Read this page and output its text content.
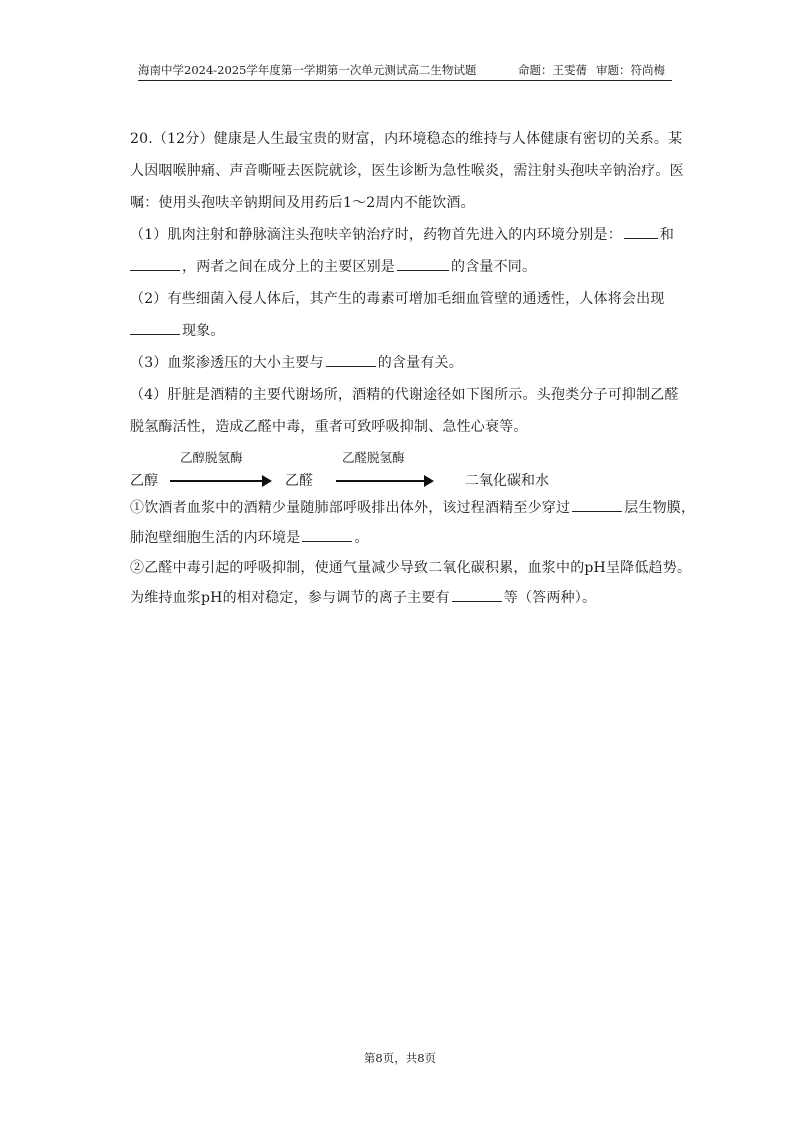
海南中学2024-2025学年度第一学期第一次单元测试高二生物试题	命题：王雯蒨 审题：符尚梅
20.（12分）健康是人生最宝贵的财富，内环境稳态的维持与人体健康有密切的关系。某
人因咽喉肿痛、声音嘶哑去医院就诊，医生诊断为急性喉炎，需注射头孢呋辛钠治疗。医
嘱：使用头孢呋辛钠期间及用药后1～2周内不能饮酒。
（1）肌肉注射和静脉滴注头孢呋辛钠治疗时，药物首先进入的内环境分别是：	和
，两者之间在成分上的主要区别是	的含量不同。
（2）有些细菌入侵人体后，其产生的毒素可增加毛细血管壁的通透性，人体将会出现
现象。
（3）血浆渗透压的大小主要与	的含量有关。
（4）肝脏是酒精的主要代谢场所，酒精的代谢途径如下图所示。头孢类分子可抑制乙醛
脱氢酶活性，造成乙醛中毒，重者可致呼吸抑制、急性心衰等。
乙醇
乙醇脱氢酶
乙醛
乙醛脱氢酶
二氧化碳和水
①饮酒者血浆中的酒精少量随肺部呼吸排出体外，该过程酒精至少穿过	层生物膜，
肺泡壁细胞生活的内环境是	。
②乙醛中毒引起的呼吸抑制，使通气量减少导致二氧化碳积累，血浆中的pH呈降低趋势。
为维持血浆pH的相对稳定，参与调节的离子主要有	等（答两种）。
第8页，共8页
